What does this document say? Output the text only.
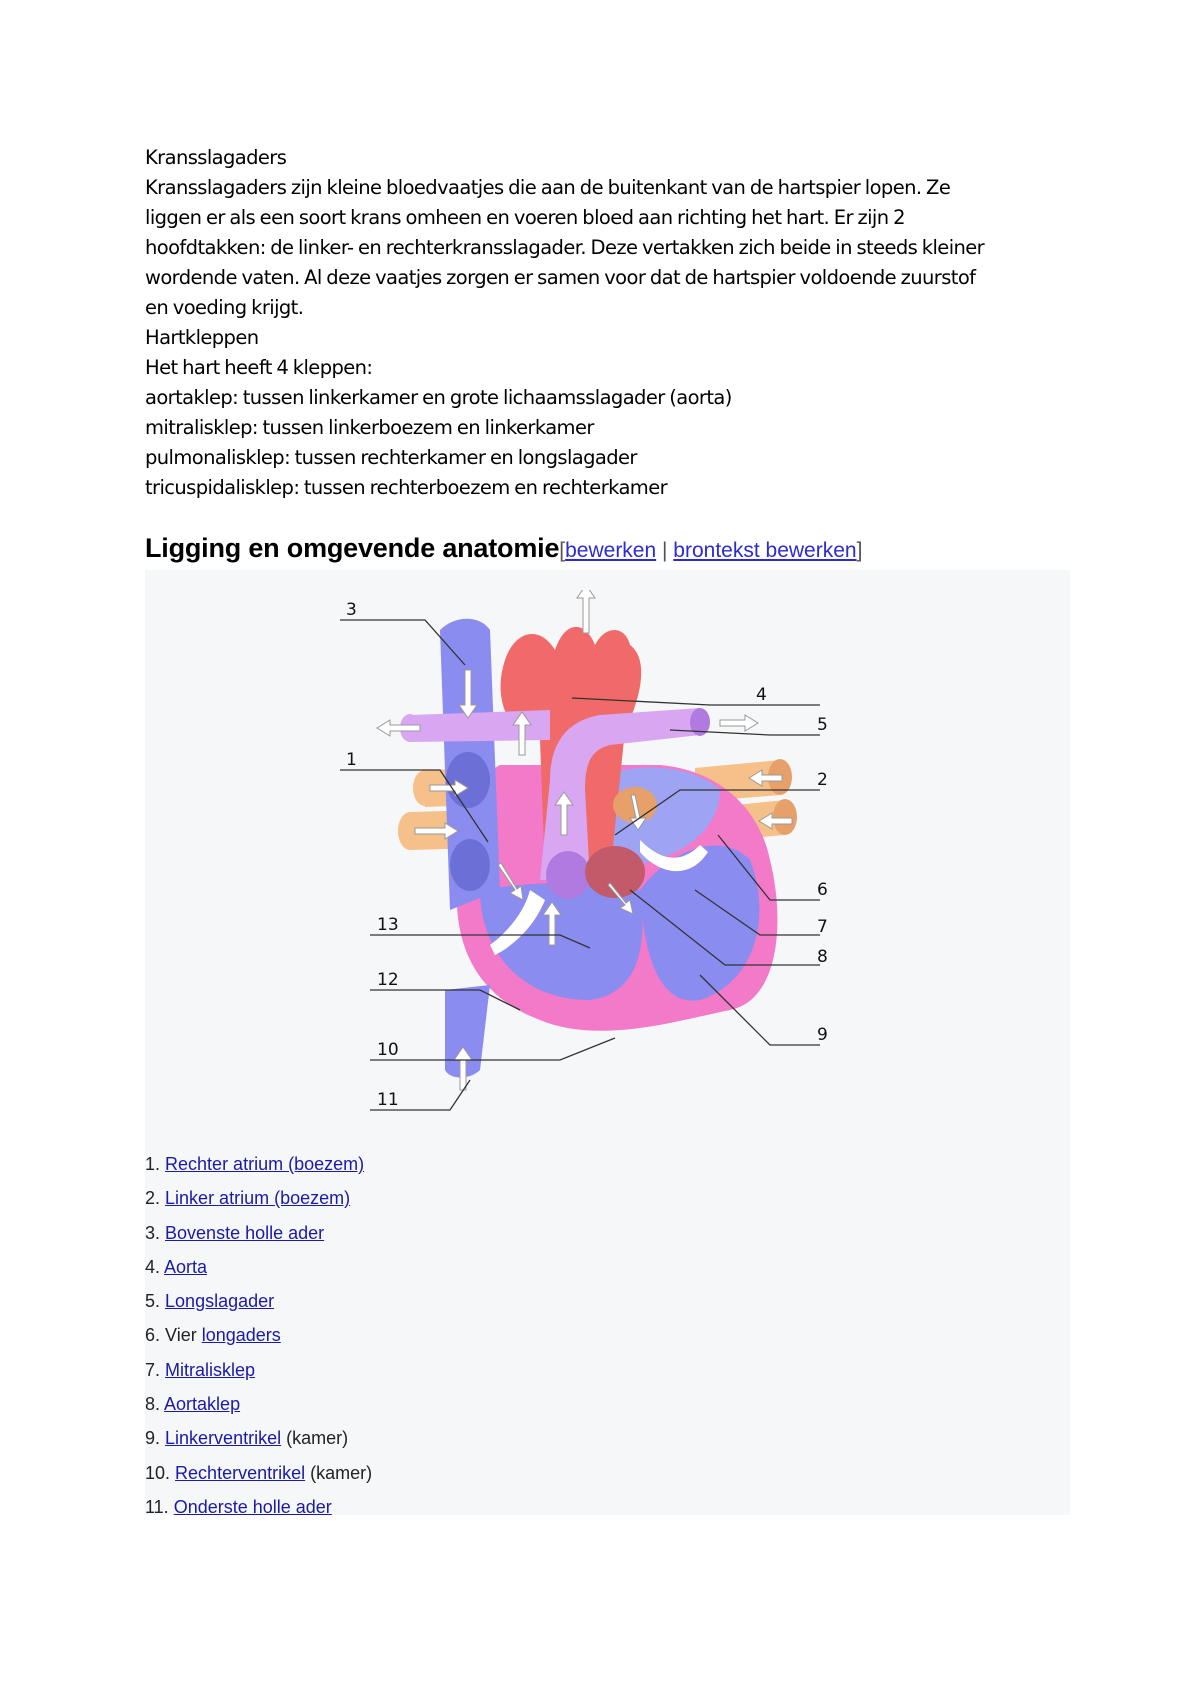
Kransslagaders

Kransslagaders zijn kleine bloedvaatjes die aan de buitenkant van de hartspier lopen. Ze

liggen er als een soort krans omheen en voeren bloed aan richting het hart. Er zijn 2

hoofdtakken: de linker- en rechterkransslagader. Deze vertakken zich beide in steeds kleiner

wordende vaten. Al deze vaatjes zorgen er samen voor dat de hartspier voldoende zuurstof

en voeding krijgt.

Hartkleppen

Het hart heeft 4 kleppen:

aortaklep: tussen linkerkamer en grote lichaamsslagader (aorta)

mitralisklep: tussen linkerboezem en linkerkamer

pulmonalisklep: tussen rechterkamer en longslagader

tricuspidalisklep: tussen rechterboezem en rechterkamer

Ligging en omgevende anatomie[bewerken | brontekst bewerken]
3
1
4
5
2
6
7
8
9
13
12
10
11
1. Rechter atrium (boezem)
2. Linker atrium (boezem)
3. Bovenste holle ader
4. Aorta
5. Longslagader
6. Vier longaders
7. Mitralisklep
8. Aortaklep
9. Linkerventrikel (kamer)
10. Rechterventrikel (kamer)
11. Onderste holle ader
